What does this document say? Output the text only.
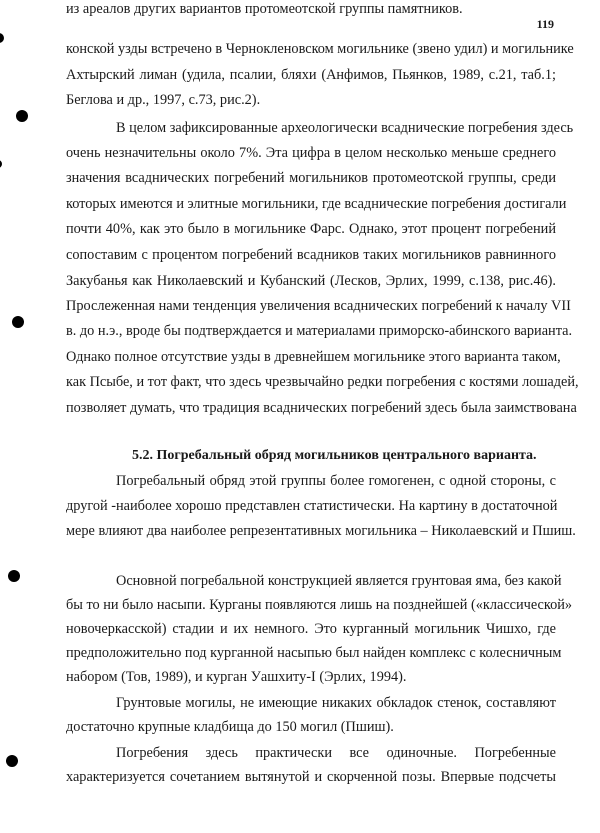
119
конской узды встречено в Чернокленовском могильнике (звено удил) и могильнике
Ахтырский лиман (удила, псалии, бляхи (Анфимов, Пьянков, 1989, с.21, таб.1;
Беглова и др., 1997, с.73, рис.2).
В целом зафиксированные археологически всаднические погребения здесь
очень незначительны около 7%. Эта цифра в целом несколько меньше среднего
значения всаднических погребений могильников протомеотской группы, среди
которых имеются и элитные могильники, где всаднические погребения достигали
почти 40%, как это было в могильнике Фарс. Однако, этот процент погребений
сопоставим с процентом погребений всадников таких могильников равнинного
Закубанья как Николаевский и Кубанский (Лесков, Эрлих, 1999, с.138, рис.46).
Прослеженная нами тенденция увеличения всаднических погребений к началу VII
в. до н.э., вроде бы подтверждается и материалами приморско-абинского варианта.
Однако полное отсутствие узды в древнейшем могильнике этого варианта таком,
как Псыбе, и тот факт, что здесь чрезвычайно редки погребения с костями лошадей,
позволяет думать, что традиция всаднических погребений здесь была заимствована
из ареалов других вариантов протомеотской группы памятников.
5.2. Погребальный обряд могильников центрального варианта.
Погребальный обряд этой группы более гомогенен, с одной стороны, с
другой -наиболее хорошо представлен статистически. На картину в достаточной
мере влияют два наиболее репрезентативных могильника – Николаевский и Пшиш.
Основной погребальной конструкцией является грунтовая яма, без какой
бы то ни было насыпи. Курганы появляются лишь на позднейшей («классической»
новочеркасской) стадии и их немного. Это курганный могильник Чишхо, где
предположительно под курганной насыпью был найден комплекс с колесничным
набором (Тов, 1989), и курган Уашхиту-I (Эрлих, 1994).
Грунтовые могилы, не имеющие никаких обкладок стенок, составляют
достаточно крупные кладбища до 150 могил (Пшиш).
Погребения здесь практически все одиночные. Погребенные
характеризуется сочетанием вытянутой и скорченной позы. Впервые подсчеты
